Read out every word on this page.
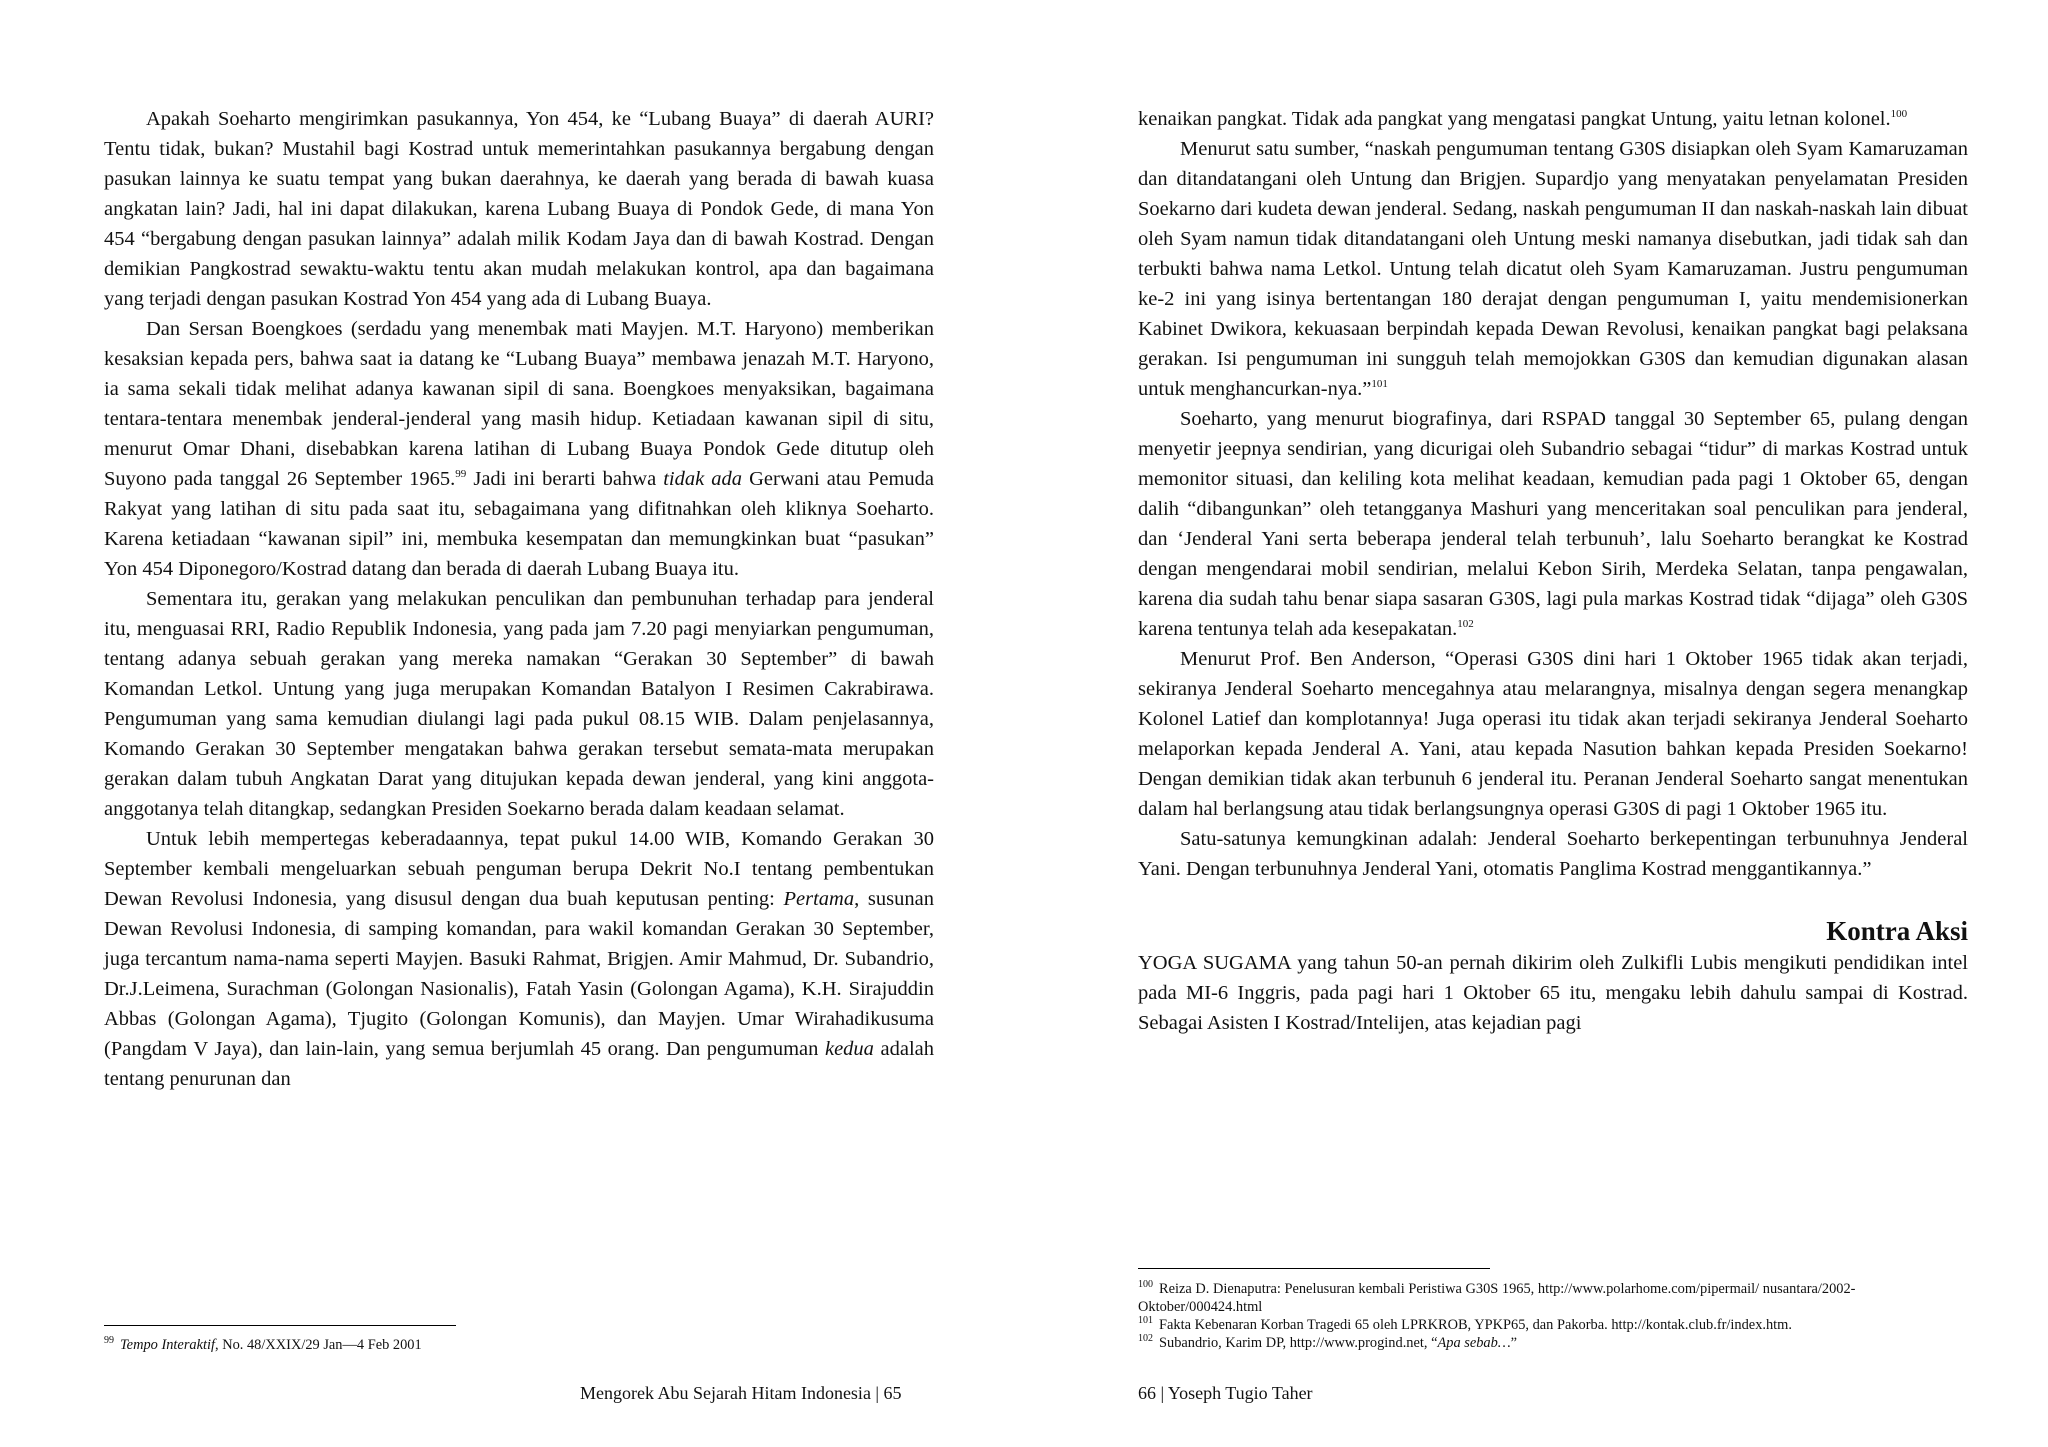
Apakah Soeharto mengirimkan pasukannya, Yon 454, ke “Lubang Buaya” di daerah AURI? Tentu tidak, bukan? Mustahil bagi Kostrad untuk memerintahkan pasukannya bergabung dengan pasukan lainnya ke suatu tempat yang bukan daerahnya, ke daerah yang berada di bawah kuasa angkatan lain? Jadi, hal ini dapat dilakukan, karena Lubang Buaya di Pondok Gede, di mana Yon 454 “bergabung dengan pasukan lainnya” adalah milik Kodam Jaya dan di bawah Kostrad. Dengan demikian Pangkostrad sewaktu-waktu tentu akan mudah melakukan kontrol, apa dan bagaimana yang terjadi dengan pasukan Kostrad Yon 454 yang ada di Lubang Buaya.

Dan Sersan Boengkoes (serdadu yang menembak mati Mayjen. M.T. Haryono) memberikan kesaksian kepada pers, bahwa saat ia datang ke “Lubang Buaya” membawa jenazah M.T. Haryono, ia sama sekali tidak melihat adanya kawanan sipil di sana. Boengkoes menyaksikan, bagaimana tentara-tentara menembak jenderal-jenderal yang masih hidup. Ketiadaan kawanan sipil di situ, menurut Omar Dhani, disebabkan karena latihan di Lubang Buaya Pondok Gede ditutup oleh Suyono pada tanggal 26 September 1965.99 Jadi ini berarti bahwa tidak ada Gerwani atau Pemuda Rakyat yang latihan di situ pada saat itu, sebagaimana yang difitnahkan oleh kliknya Soeharto. Karena ketiadaan “kawanan sipil” ini, membuka kesempatan dan memungkinkan buat “pasukan” Yon 454 Diponegoro/Kostrad datang dan berada di daerah Lubang Buaya itu.

Sementara itu, gerakan yang melakukan penculikan dan pembunuhan terhadap para jenderal itu, menguasai RRI, Radio Republik Indonesia, yang pada jam 7.20 pagi menyiarkan pengumuman, tentang adanya sebuah gerakan yang mereka namakan “Gerakan 30 September” di bawah Komandan Letkol. Untung yang juga merupakan Komandan Batalyon I Resimen Cakrabirawa. Pengumuman yang sama kemudian diulangi lagi pada pukul 08.15 WIB. Dalam penjelasannya, Komando Gerakan 30 September mengatakan bahwa gerakan tersebut semata-mata merupakan gerakan dalam tubuh Angkatan Darat yang ditujukan kepada dewan jenderal, yang kini anggota-anggotanya telah ditangkap, sedangkan Presiden Soekarno berada dalam keadaan selamat.

Untuk lebih mempertegas keberadaannya, tepat pukul 14.00 WIB, Komando Gerakan 30 September kembali mengeluarkan sebuah penguman berupa Dekrit No.I tentang pembentukan Dewan Revolusi Indonesia, yang disusul dengan dua buah keputusan penting: Pertama, susunan Dewan Revolusi Indonesia, di samping komandan, para wakil komandan Gerakan 30 September, juga tercantum nama-nama seperti Mayjen. Basuki Rahmat, Brigjen. Amir Mahmud, Dr. Subandrio, Dr.J.Leimena, Surachman (Golongan Nasionalis), Fatah Yasin (Golongan Agama), K.H. Sirajuddin Abbas (Golongan Agama), Tjugito (Golongan Komunis), dan Mayjen. Umar Wirahadikusuma (Pangdam V Jaya), dan lain-lain, yang semua berjumlah 45 orang. Dan pengumuman kedua adalah tentang penurunan dan

$^{99}$ Tempo Interaktif, No. 48/XXIX/29 Jan—4 Feb 2001
Mengorek Abu Sejarah Hitam Indonesia | 65

kenaikan pangkat. Tidak ada pangkat yang mengatasi pangkat Untung, yaitu letnan kolonel.$^{100}$

Menurut satu sumber, “naskah pengumuman tentang G30S disiapkan oleh Syam Kamaruzaman dan ditandatangani oleh Untung dan Brigjen. Supardjo yang menyatakan penyelamatan Presiden Soekarno dari kudeta dewan jenderal. Sedang, naskah pengumuman II dan naskah-naskah lain dibuat oleh Syam namun tidak ditandatangani oleh Untung meski namanya disebutkan, jadi tidak sah dan terbukti bahwa nama Letkol. Untung telah dicatut oleh Syam Kamaruzaman. Justru pengumuman ke-2 ini yang isinya bertentangan 180 derajat dengan pengumuman I, yaitu mendemisionerkan Kabinet Dwikora, kekuasaan berpindah kepada Dewan Revolusi, kenaikan pangkat bagi pelaksana gerakan. Isi pengumuman ini sungguh telah memojokkan G30S dan kemudian digunakan alasan untuk menghancurkan-nya.”$^{101}$

Soeharto, yang menurut biografinya, dari RSPAD tanggal 30 September 65, pulang dengan menyetir jeepnya sendirian, yang dicurigai oleh Subandrio sebagai “tidur” di markas Kostrad untuk memonitor situasi, dan keliling kota melihat keadaan, kemudian pada pagi 1 Oktober 65, dengan dalih “dibangunkan” oleh tetangganya Mashuri yang menceritakan soal penculikan para jenderal, dan ‘Jenderal Yani serta beberapa jenderal telah terbunuh’, lalu Soeharto berangkat ke Kostrad dengan mengendarai mobil sendirian, melalui Kebon Sirih, Merdeka Selatan, tanpa pengawalan, karena dia sudah tahu benar siapa sasaran G30S, lagi pula markas Kostrad tidak “dijaga” oleh G30S karena tentunya telah ada kesepakatan.$^{102}$

Menurut Prof. Ben Anderson, “Operasi G30S dini hari 1 Oktober 1965 tidak akan terjadi, sekiranya Jenderal Soeharto mencegahnya atau melarangnya, misalnya dengan segera menangkap Kolonel Latief dan komplotannya! Juga operasi itu tidak akan terjadi sekiranya Jenderal Soeharto melaporkan kepada Jenderal A. Yani, atau kepada Nasution bahkan kepada Presiden Soekarno! Dengan demikian tidak akan terbunuh 6 jenderal itu. Peranan Jenderal Soeharto sangat menentukan dalam hal berlangsung atau tidak berlangsungnya operasi G30S di pagi 1 Oktober 1965 itu.

Satu-satunya kemungkinan adalah: Jenderal Soeharto berkepentingan terbunuhnya Jenderal Yani. Dengan terbunuhnya Jenderal Yani, otomatis Panglima Kostrad menggantikannya.”

Kontra Aksi

YOGA SUGAMA yang tahun 50-an pernah dikirim oleh Zulkifli Lubis mengikuti pendidikan intel pada MI-6 Inggris, pada pagi hari 1 Oktober 65 itu, mengaku lebih dahulu sampai di Kostrad. Sebagai Asisten I Kostrad/Intelijen, atas kejadian pagi

$^{100}$ Reiza D. Dienaputra: Penelusuran kembali Peristiwa G30S 1965, http://www.polarhome.com/pipermail/ nusantara/2002-Oktober/000424.html
$^{101}$ Fakta Kebenaran Korban Tragedi 65 oleh LPRKROB, YPKP65, dan Pakorba. http://kontak.club.fr/index.htm.
$^{102}$ Subandrio, Karim DP, http://www.progind.net, “Apa sebab…”
66 | Yoseph Tugio Taher
